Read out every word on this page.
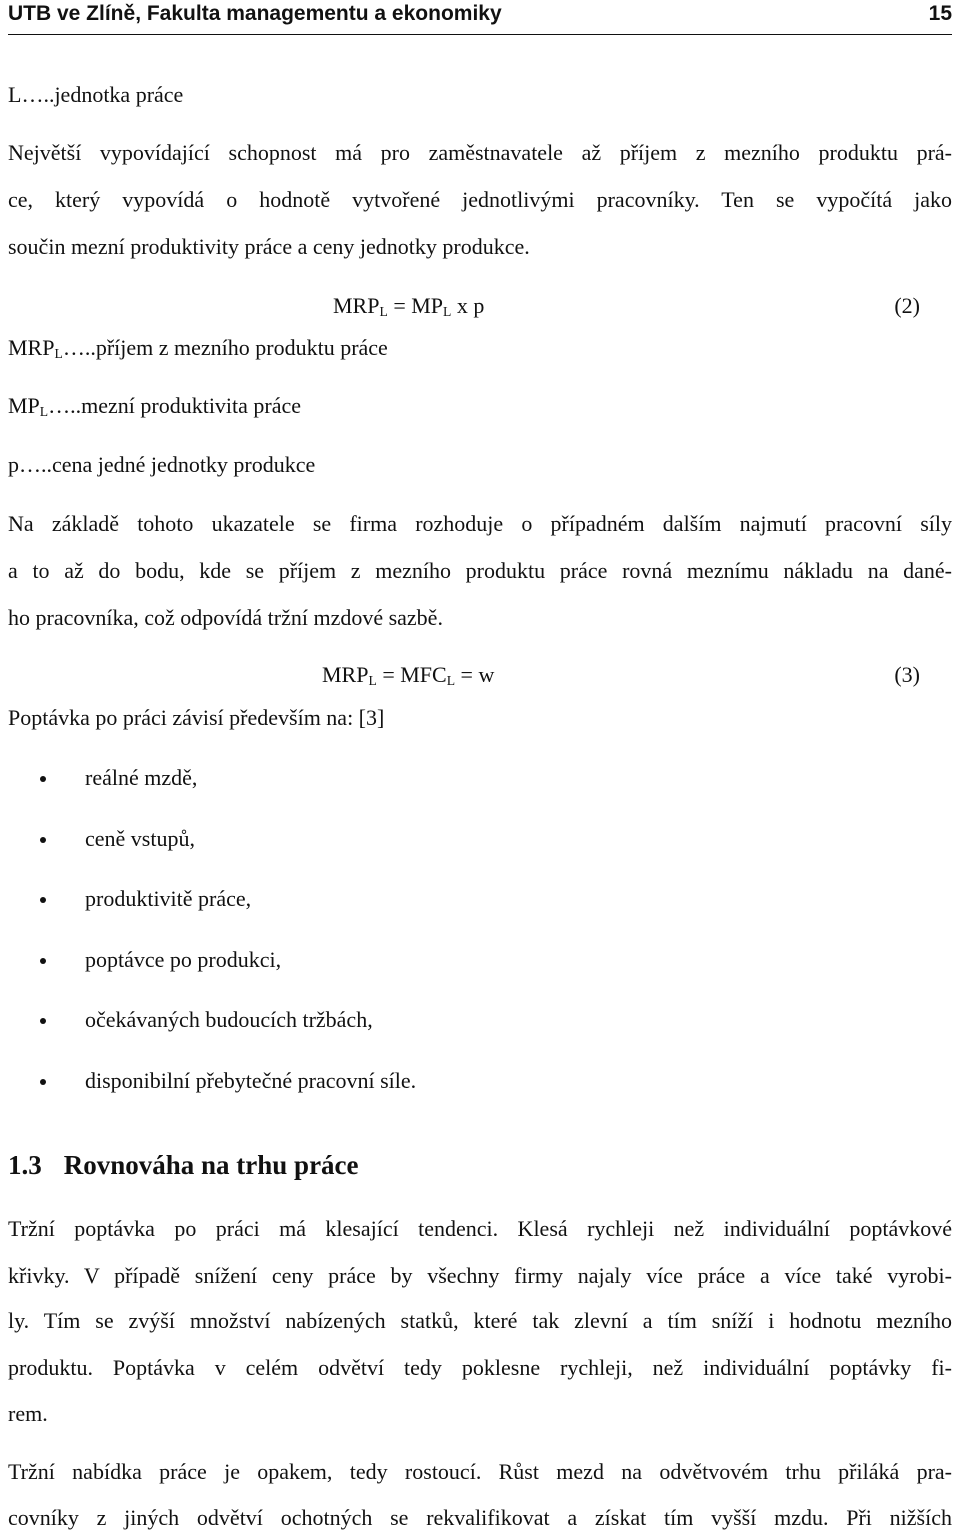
UTB ve Zlíně, Fakulta managementu a ekonomiky	15
L…..jednotka práce
Největší vypovídající schopnost má pro zaměstnavatele až příjem z mezního produktu prá-
ce, který vypovídá o hodnotě vytvořené jednotlivými pracovníky. Ten se vypočítá jako
součin mezní produktivity práce a ceny jednotky produkce.
$MRP_L = MP_L$ x p	(2)
$MRP_L\dots..příjem$ z mezního produktu práce
$MP_L\dots..mezní$ produktivita práce
p…..cena jedné jednotky produkce
Na základě tohoto ukazatele se firma rozhoduje o případném dalším najmutí pracovní síly
a to až do bodu, kde se příjem z mezního produktu práce rovná meznímu nákladu na dané-
ho pracovníka, což odpovídá tržní mzdové sazbě.
$MRP_L = MFC_L = w$	(3)
Poptávka po práci závisí především na: [3]
reálné mzdě,
ceně vstupů,
produktivitě práce,
poptávce po produkci,
očekávaných budoucích tržbách,
disponibilní přebytečné pracovní síle.
1.3 Rovnováha na trhu práce
Tržní poptávka po práci má klesající tendenci. Klesá rychleji než individuální poptávkové
křivky. V případě snížení ceny práce by všechny firmy najaly více práce a více také vyrobi-
ly. Tím se zvýší množství nabízených statků, které tak zlevní a tím sníží i hodnotu mezního
produktu. Poptávka v celém odvětví tedy poklesne rychleji, než individuální poptávky fi-
rem.
Tržní nabídka práce je opakem, tedy rostoucí. Růst mezd na odvětvovém trhu přiláká pra-
covníky z jiných odvětví ochotných se rekvalifikovat a získat tím vyšší mzdu. Při nižších
